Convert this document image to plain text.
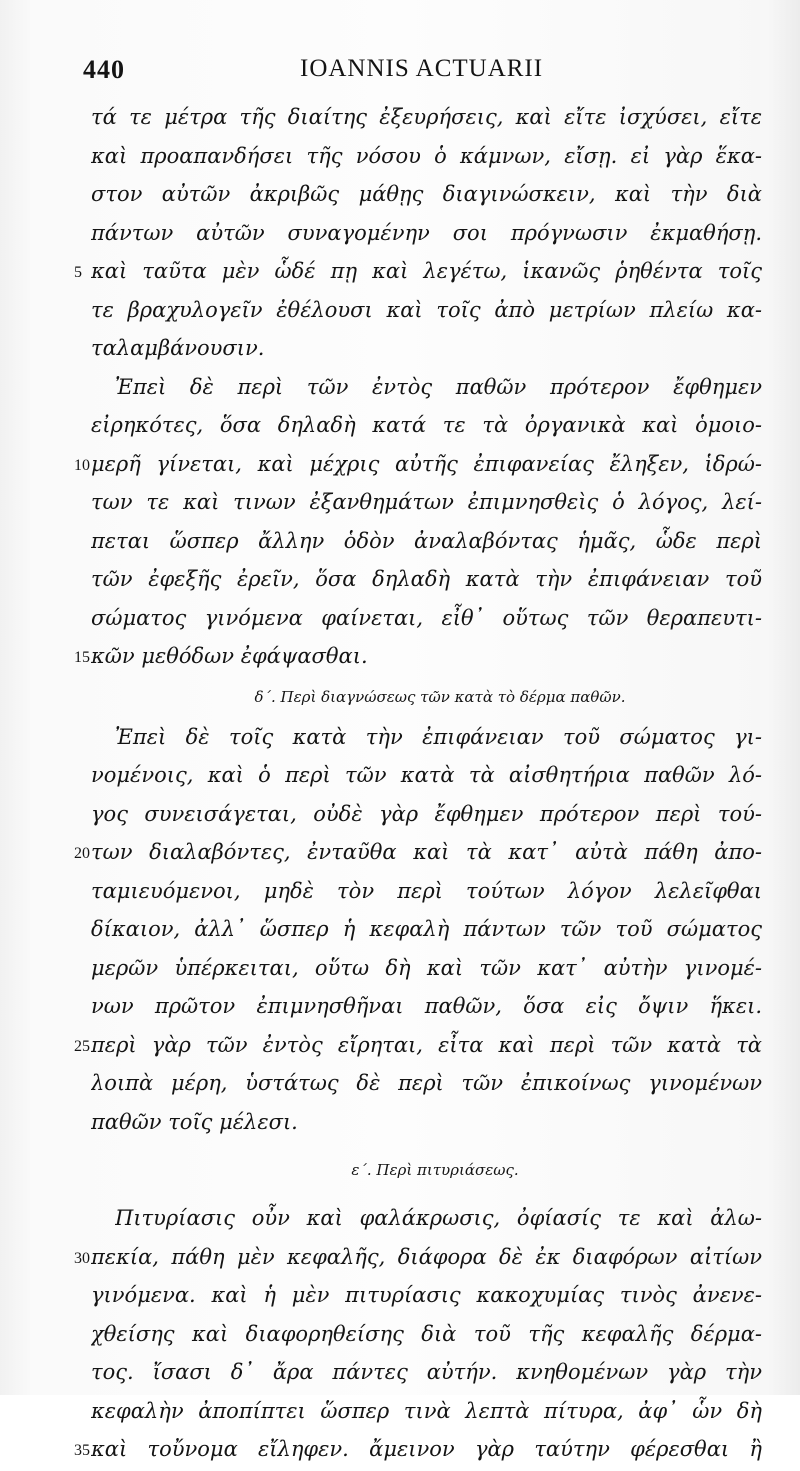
440	IOANNIS ACTUARII
τά τε μέτρα τῆς διαίτης ἐξευρήσεις, καὶ εἴτε ἰσχύσει, εἴτε
καὶ προαπανδήσει τῆς νόσου ὁ κάμνων, εἴσῃ. εἰ γὰρ ἕκα-
στον αὐτῶν ἀκριβῶς μάθῃς διαγινώσκειν, καὶ τὴν διὰ
πάντων αὐτῶν συναγομένην σοι πρόγνωσιν ἐκμαθήσῃ.
5 καὶ ταῦτα μὲν ὧδέ πῃ καὶ λεγέτω, ἱκανῶς ῥηθέντα τοῖς
τε βραχυλογεῖν ἐθέλουσι καὶ τοῖς ἀπὸ μετρίων πλείω κα-
ταλαμβάνουσιν.
Ἐπεὶ δὲ περὶ τῶν ἐντὸς παθῶν πρότερον ἔφθημεν
εἰρηκότες, ὅσα δηλαδὴ κατά τε τὰ ὀργανικὰ καὶ ὁμοιο-
10 μερῆ γίνεται, καὶ μέχρις αὐτῆς ἐπιφανείας ἔληξεν, ἱδρώ-
των τε καὶ τινων ἐξανθημάτων ἐπιμνησθεὶς ὁ λόγος, λεί-
πεται ὥσπερ ἄλλην ὁδὸν ἀναλαβόντας ἡμᾶς, ὧδε περὶ
τῶν ἐφεξῆς ἐρεῖν, ὅσα δηλαδὴ κατὰ τὴν ἐπιφάνειαν τοῦ
σώματος γινόμενα φαίνεται, εἶθ᾽ οὕτως τῶν θεραπευτι-
15 κῶν μεθόδων ἐφάψασθαι.
δ΄. Περὶ διαγνώσεως τῶν κατὰ τὸ δέρμα παθῶν.
Ἐπεὶ δὲ τοῖς κατὰ τὴν ἐπιφάνειαν τοῦ σώματος γι-
νομένοις, καὶ ὁ περὶ τῶν κατὰ τὰ αἰσθητήρια παθῶν λό-
γος συνεισάγεται, οὐδὲ γὰρ ἔφθημεν πρότερον περὶ τού-
20 των διαλαβόντες, ἐνταῦθα καὶ τὰ κατ᾽ αὐτὰ πάθη ἀπο-
ταμιευόμενοι, μηδὲ τὸν περὶ τούτων λόγον λελεῖφθαι
δίκαιον, ἀλλ᾽ ὥσπερ ἡ κεφαλὴ πάντων τῶν τοῦ σώματος
μερῶν ὑπέρκειται, οὕτω δὴ καὶ τῶν κατ᾽ αὐτὴν γινομέ-
νων πρῶτον ἐπιμνησθῆναι παθῶν, ὅσα εἰς ὄψιν ἥκει.
25 περὶ γὰρ τῶν ἐντὸς εἴρηται, εἶτα καὶ περὶ τῶν κατὰ τὰ
λοιπὰ μέρη, ὑστάτως δὲ περὶ τῶν ἐπικοίνως γινομένων
παθῶν τοῖς μέλεσι.
ε΄. Περὶ πιτυριάσεως.
Πιτυρίασις οὖν καὶ φαλάκρωσις, ὀφίασίς τε καὶ ἀλω-
30 πεκία, πάθη μὲν κεφαλῆς, διάφορα δὲ ἐκ διαφόρων αἰτίων
γινόμενα. καὶ ἡ μὲν πιτυρίασις κακοχυμίας τινὸς ἀνενε-
χθείσης καὶ διαφορηθείσης διὰ τοῦ τῆς κεφαλῆς δέρμα-
τος. ἴσασι δ᾽ ἄρα πάντες αὐτήν. κνηθομένων γὰρ τὴν
κεφαλὴν ἀποπίπτει ὥσπερ τινὰ λεπτὰ πίτυρα, ἀφ᾽ ὧν δὴ
35 καὶ τοὔνομα εἴληφεν. ἄμεινον γὰρ ταύτην φέρεσθαι ἢ
